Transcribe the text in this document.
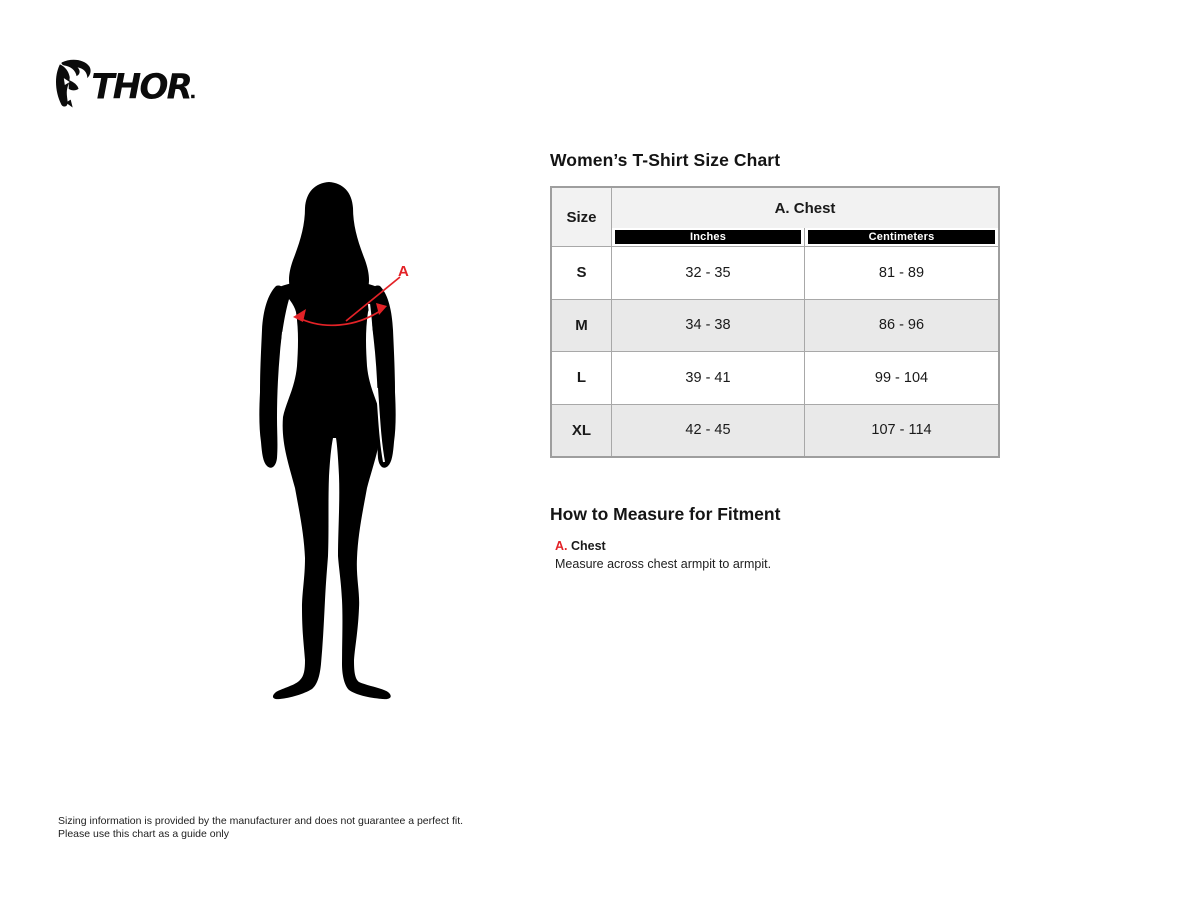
THOR
A
Women’s T-Shirt Size Chart
Size
A. Chest
Inches	Centimeters
S	32 - 35	81 - 89
M	34 - 38	86 - 96
L	39 - 41	99 - 104
XL	42 - 45	107 - 114
How to Measure for Fitment
A. Chest
Measure across chest armpit to armpit.
Sizing information is provided by the manufacturer and does not guarantee a perfect fit.
Please use this chart as a guide only
